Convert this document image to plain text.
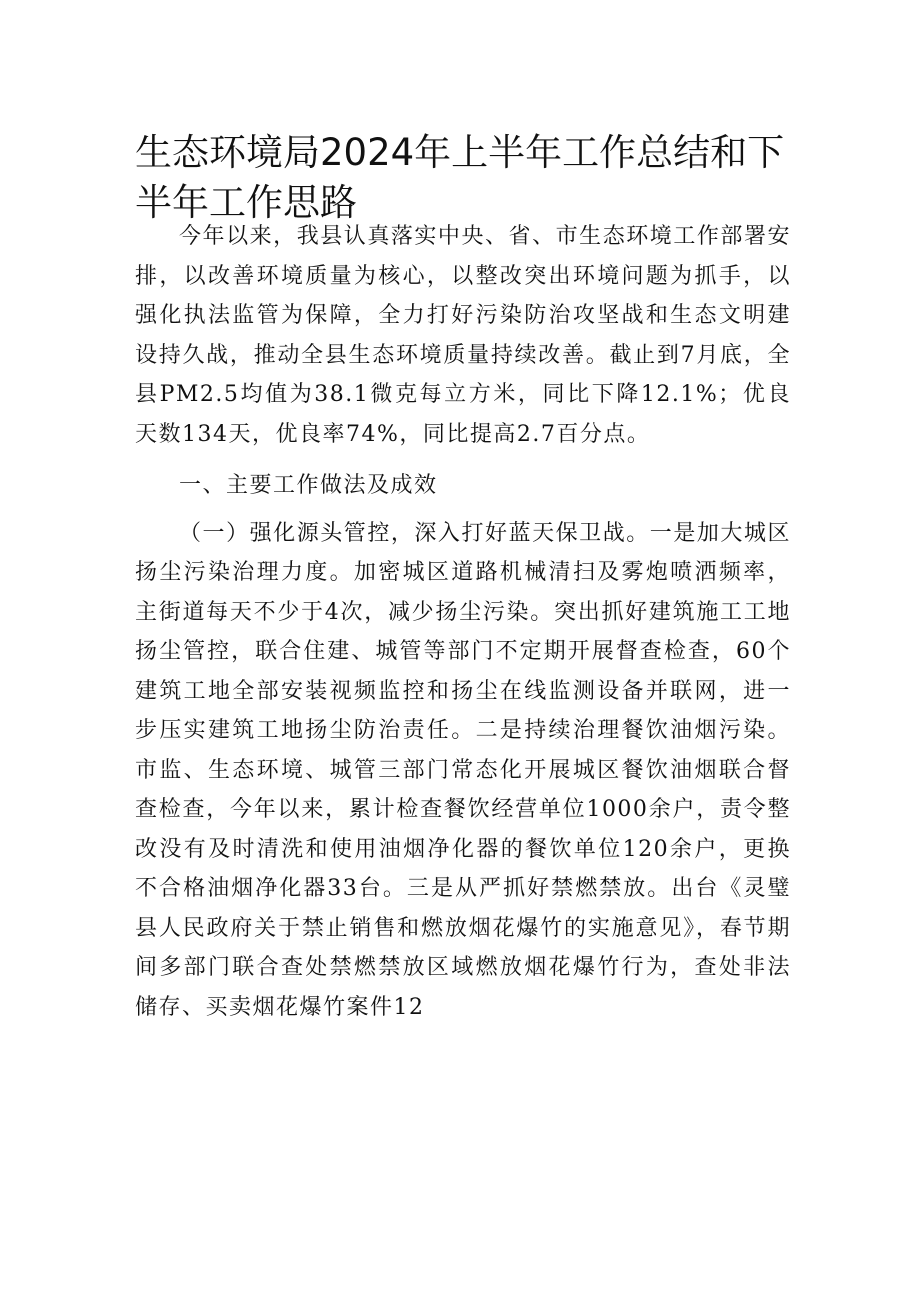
生态环境局2024年上半年工作总结和下半年工作思路

今年以来，我县认真落实中央、省、市生态环境工作部署安排，以改善环境质量为核心，以整改突出环境问题为抓手，以强化执法监管为保障，全力打好污染防治攻坚战和生态文明建设持久战，推动全县生态环境质量持续改善。截止到7月底，全县PM2.5均值为38.1微克每立方米，同比下降12.1%；优良天数134天，优良率74%，同比提高2.7百分点。

一、主要工作做法及成效

（一）强化源头管控，深入打好蓝天保卫战。一是加大城区扬尘污染治理力度。加密城区道路机械清扫及雾炮喷洒频率，主街道每天不少于4次，减少扬尘污染。突出抓好建筑施工工地扬尘管控，联合住建、城管等部门不定期开展督查检查，60个建筑工地全部安装视频监控和扬尘在线监测设备并联网，进一步压实建筑工地扬尘防治责任。二是持续治理餐饮油烟污染。市监、生态环境、城管三部门常态化开展城区餐饮油烟联合督查检查，今年以来，累计检查餐饮经营单位1000余户，责令整改没有及时清洗和使用油烟净化器的餐饮单位120余户，更换不合格油烟净化器33台。三是从严抓好禁燃禁放。出台《灵璧县人民政府关于禁止销售和燃放烟花爆竹的实施意见》，春节期间多部门联合查处禁燃禁放区域燃放烟花爆竹行为，查处非法储存、买卖烟花爆竹案件12
